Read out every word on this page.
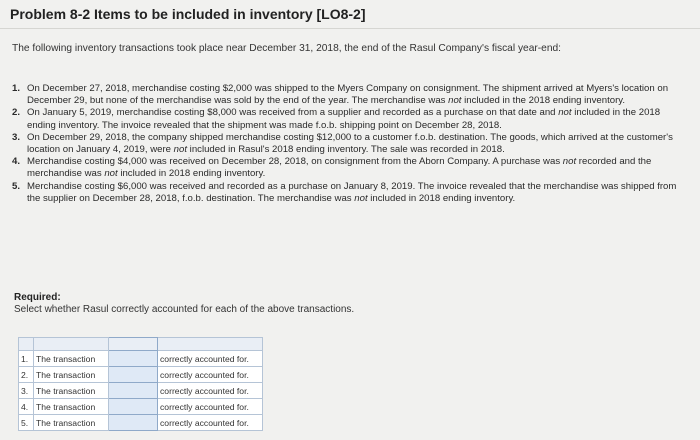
Problem 8-2 Items to be included in inventory [LO8-2]
The following inventory transactions took place near December 31, 2018, the end of the Rasul Company's fiscal year-end:
1. On December 27, 2018, merchandise costing $2,000 was shipped to the Myers Company on consignment. The shipment arrived at Myers's location on December 29, but none of the merchandise was sold by the end of the year. The merchandise was not included in the 2018 ending inventory.
2. On January 5, 2019, merchandise costing $8,000 was received from a supplier and recorded as a purchase on that date and not included in the 2018 ending inventory. The invoice revealed that the shipment was made f.o.b. shipping point on December 28, 2018.
3. On December 29, 2018, the company shipped merchandise costing $12,000 to a customer f.o.b. destination. The goods, which arrived at the customer's location on January 4, 2019, were not included in Rasul's 2018 ending inventory. The sale was recorded in 2018.
4. Merchandise costing $4,000 was received on December 28, 2018, on consignment from the Aborn Company. A purchase was not recorded and the merchandise was not included in 2018 ending inventory.
5. Merchandise costing $6,000 was received and recorded as a purchase on January 8, 2019. The invoice revealed that the merchandise was shipped from the supplier on December 28, 2018, f.o.b. destination. The merchandise was not included in 2018 ending inventory.
Required:
Select whether Rasul correctly accounted for each of the above transactions.

1.	The transaction		correctly accounted for.
2.	The transaction		correctly accounted for.
3.	The transaction		correctly accounted for.
4.	The transaction		correctly accounted for.
5.	The transaction		correctly accounted for.
